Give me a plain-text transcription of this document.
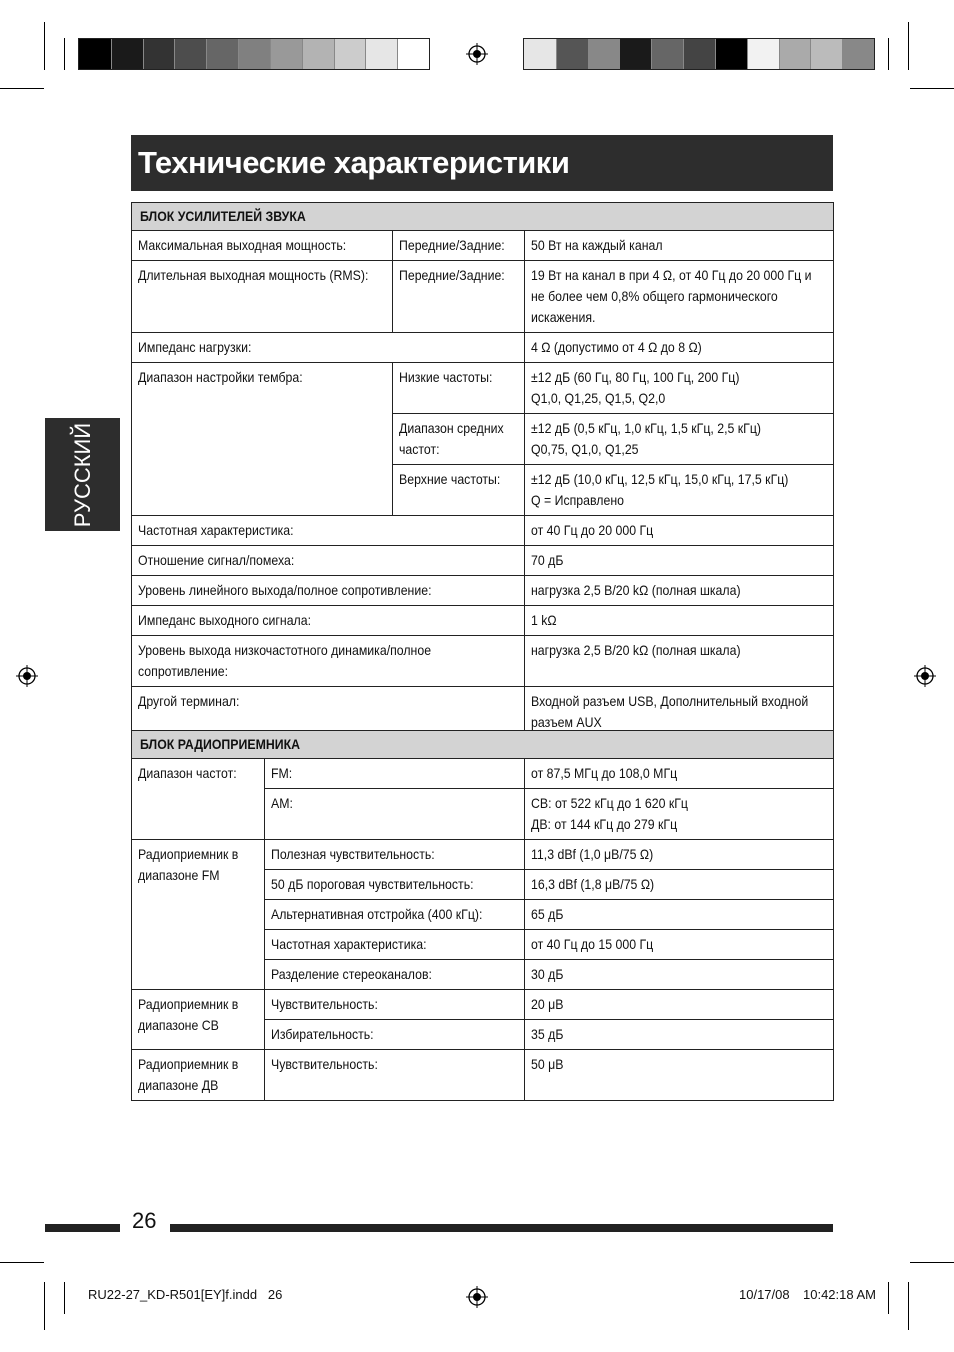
Технические характеристики
РУССКИЙ
БЛОК УСИЛИТЕЛЕЙ ЗВУКА		
Максимальная выходная мощность:	Передние/Задние:	50 Вт на каждый канал
Длительная выходная мощность (RMS):	Передние/Задние:	19 Вт на канал в при 4 Ω, от 40 Гц до 20 000 Гц и не более чем 0,8% общего гармонического искажения.
Импеданс нагрузки:		4 Ω (допустимо от 4 Ω до 8 Ω)
Диапазон настройки тембра:	Низкие частоты:	±12 дБ (60 Гц, 80 Гц, 100 Гц, 200 Гц)
Q1,0, Q1,25, Q1,5, Q2,0
	Диапазон средних частот:	±12 дБ (0,5 кГц, 1,0 кГц, 1,5 кГц, 2,5 кГц)
Q0,75, Q1,0, Q1,25
	Верхние частоты:	±12 дБ (10,0 кГц, 12,5 кГц, 15,0 кГц, 17,5 кГц)
Q = Исправлено
Частотная характеристика:		от 40 Гц до 20 000 Гц
Отношение сигнал/помеха:		70 дБ
Уровень линейного выхода/полное сопротивление:		нагрузка 2,5 В/20 kΩ (полная шкала)
Импеданс выходного сигнала:		1 kΩ
Уровень выхода низкочастотного динамика/полное сопротивление:		нагрузка 2,5 В/20 kΩ (полная шкала)
Другой терминал:		Входной разъем USB, Дополнительный входной разъем AUX
БЛОК РАДИОПРИЕМНИКА		
Диапазон частот:	FM:	от 87,5 МГц до 108,0 МГц
	AM:	СВ: от 522 кГц до 1 620 кГц
ДВ: от 144 кГц до 279 кГц
Радиоприемник в диапазоне FM	Полезная чувствительность:	11,3 dBf (1,0 μВ/75 Ω)
	50 дБ пороговая чувствительность:	16,3 dBf (1,8 μВ/75 Ω)
	Альтернативная отстройка (400 кГц):	65 дБ
	Частотная характеристика:	от 40 Гц до 15 000 Гц
	Разделение стереоканалов:	30 дБ
Радиоприемник в диапазоне СВ	Чувствительность:	20 μВ
	Избирательность:	35 дБ
Радиоприемник в диапазоне ДВ	Чувствительность:	50 μВ
26
RU22-27_KD-R501[EY]f.indd   26	10/17/08 10:42:18 AM
